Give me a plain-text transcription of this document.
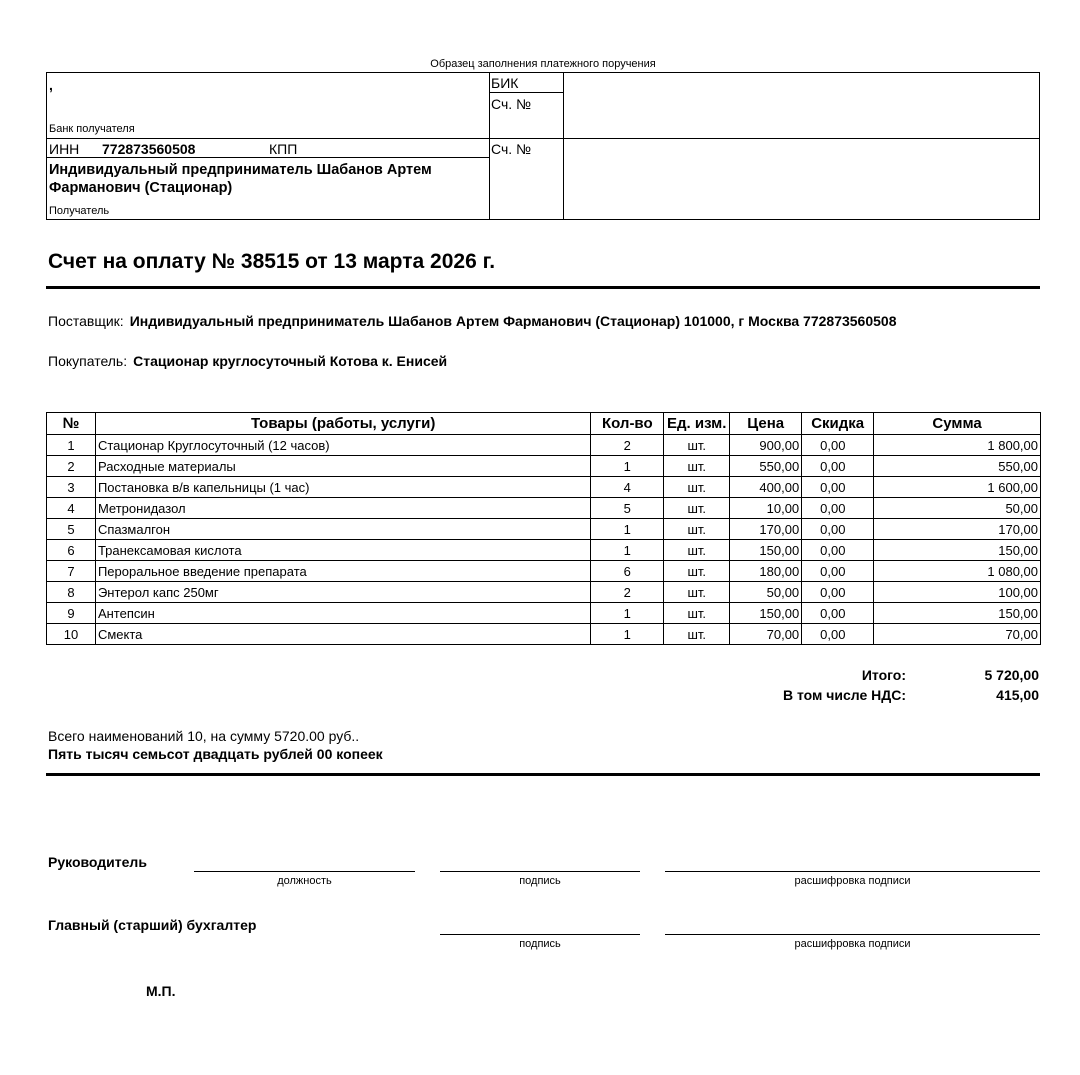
Образец заполнения платежного поручения
,
Банк получателя
БИК
Сч. №
ИНН 772873560508	КПП	Сч. №
Индивидуальный предприниматель Шабанов Артем Фарманович (Стационар)
Получатель
Счет на оплату № 38515 от 13 марта 2026 г.
Поставщик: Индивидуальный предприниматель Шабанов Артем Фарманович (Стационар) 101000, г Москва 772873560508
Покупатель: Стационар круглосуточный Котова к. Енисей
№	Товары (работы, услуги)	Кол-во	Ед. изм.	Цена	Скидка	Сумма
1	Стационар Круглосуточный (12 часов)	2	шт.	900,00	0,00	1 800,00
2	Расходные материалы	1	шт.	550,00	0,00	550,00
3	Постановка в/в капельницы (1 час)	4	шт.	400,00	0,00	1 600,00
4	Метронидазол	5	шт.	10,00	0,00	50,00
5	Спазмалгон	1	шт.	170,00	0,00	170,00
6	Транексамовая кислота	1	шт.	150,00	0,00	150,00
7	Пероральное введение препарата	6	шт.	180,00	0,00	1 080,00
8	Энтерол капс 250мг	2	шт.	50,00	0,00	100,00
9	Антепсин	1	шт.	150,00	0,00	150,00
10	Смекта	1	шт.	70,00	0,00	70,00
Итого:	5 720,00
В том числе НДС:	415,00
Всего наименований 10, на сумму 5720.00 руб..
Пять тысяч семьсот двадцать рублей 00 копеек
Руководитель
должность	подпись	расшифровка подписи
Главный (старший) бухгалтер
подпись	расшифровка подписи
М.П.
